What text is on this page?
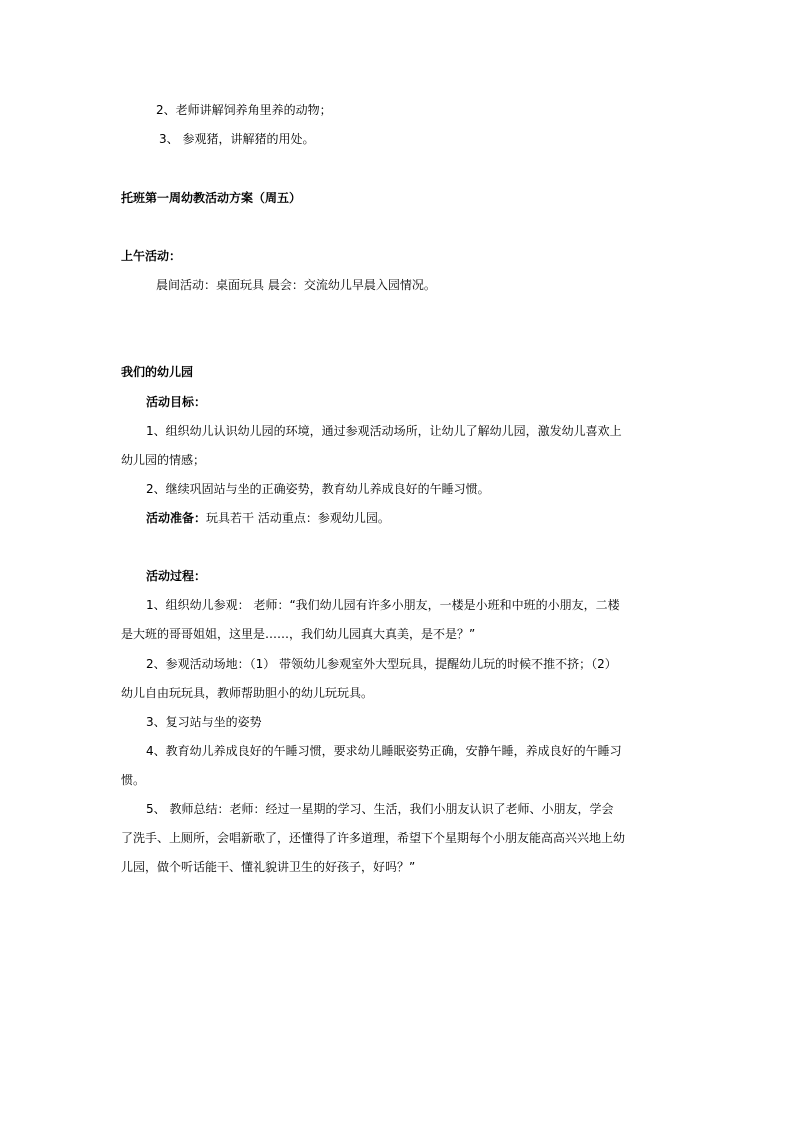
2、老师讲解饲养角里养的动物；
3、 参观猪，讲解猪的用处。
托班第一周幼教活动方案（周五）
上午活动：
晨间活动：桌面玩具 晨会：交流幼儿早晨入园情况。
我们的幼儿园
活动目标：
1、组织幼儿认识幼儿园的环境，通过参观活动场所，让幼儿了解幼儿园，激发幼儿喜欢上
幼儿园的情感；
2、继续巩固站与坐的正确姿势，教育幼儿养成良好的午睡习惯。
活动准备：玩具若干 活动重点：参观幼儿园。
活动过程：
1、组织幼儿参观： 老师：“我们幼儿园有许多小朋友，一楼是小班和中班的小朋友，二楼
是大班的哥哥姐姐，这里是……，我们幼儿园真大真美，是不是？”
2、参观活动场地：（1） 带领幼儿参观室外大型玩具，提醒幼儿玩的时候不推不挤；（2）
幼儿自由玩玩具，教师帮助胆小的幼儿玩玩具。
3、复习站与坐的姿势
4、教育幼儿养成良好的午睡习惯，要求幼儿睡眠姿势正确，安静午睡，养成良好的午睡习
惯。
5、 教师总结：老师：经过一星期的学习、生活，我们小朋友认识了老师、小朋友，学会
了洗手、上厕所，会唱新歌了，还懂得了许多道理，希望下个星期每个小朋友能高高兴兴地上幼
儿园，做个听话能干、懂礼貌讲卫生的好孩子，好吗？”
